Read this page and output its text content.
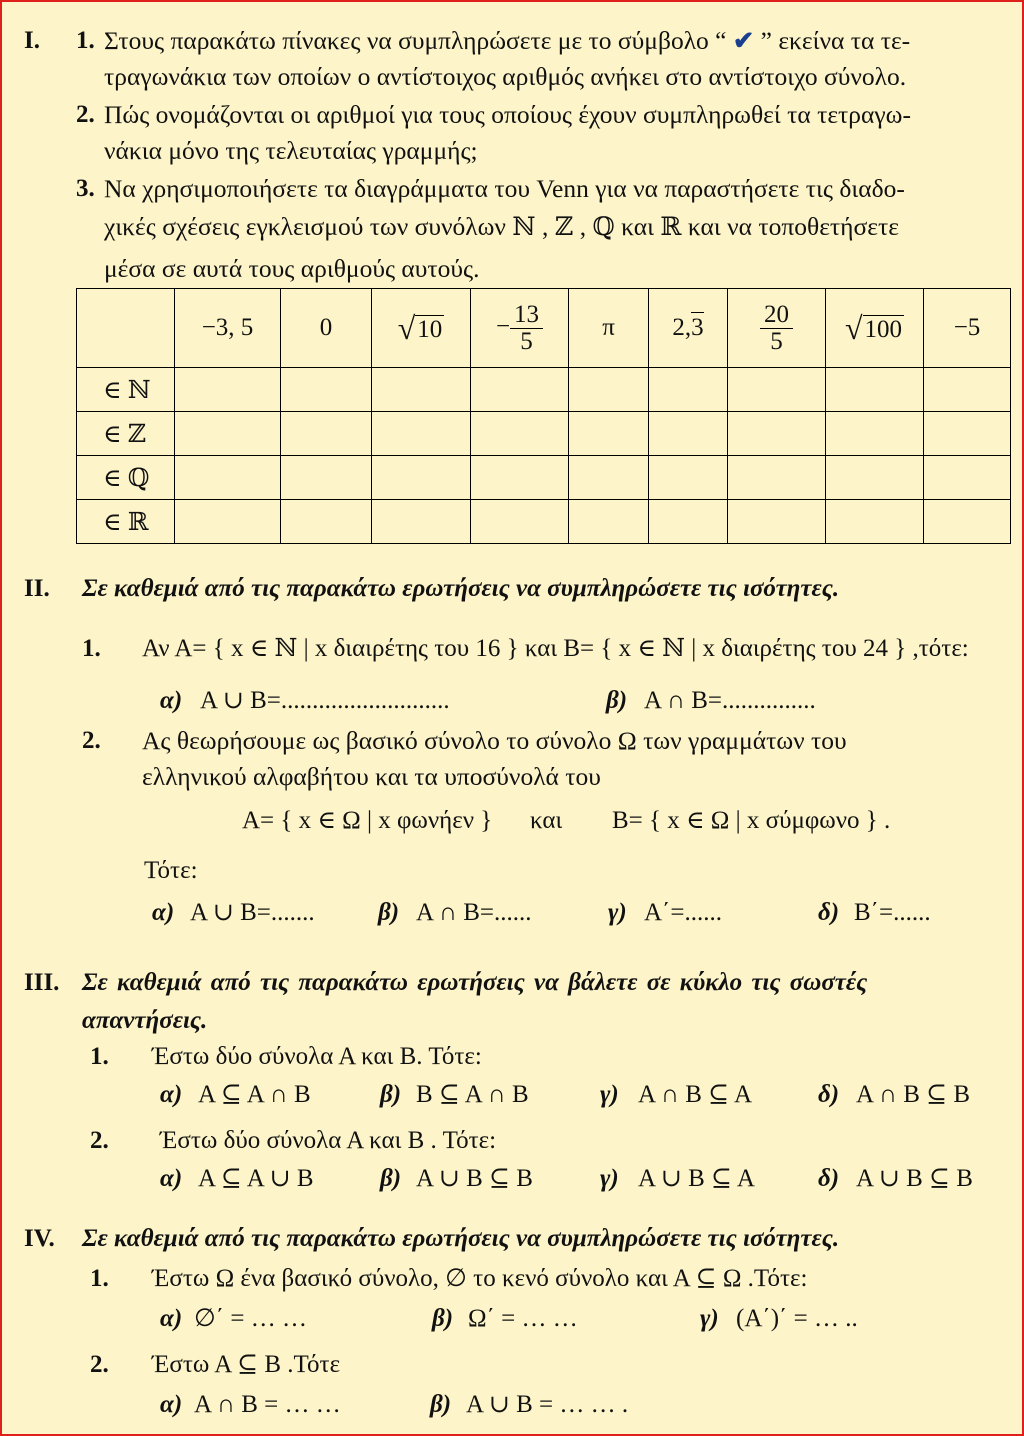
I. 1. Στους παρακάτω πίνακες να συμπληρώσετε με το σύμβολο “ ✔ ” εκείνα τα τε-
τραγωνάκια των οποίων ο αντίστοιχος αριθμός ανήκει στο αντίστοιχο σύνολο.
2. Πώς ονομάζονται οι αριθμοί για τους οποίους έχουν συμπληρωθεί τα τετραγω-
νάκια μόνο της τελευταίας γραμμής;
3. Να χρησιμοποιήσετε τα διαγράμματα του Venn για να παραστήσετε τις διαδο-
χικές σχέσεις εγκλεισμού των συνόλων ℕ , ℤ , ℚ και ℝ και να τοποθετήσετε
μέσα σε αυτά τους αριθμούς αυτούς.
	−3, 5	0	√10	− $\frac{13}{5}$	π	2,3	$\frac{20}{5}$	√100	−5
∈ ℕ									
∈ ℤ									
∈ ℚ									
∈ ℝ									
II. Σε καθεμιά από τις παρακάτω ερωτήσεις να συμπληρώσετε τις ισότητες.
1. Αν Α= { x ∈ ℕ | x διαιρέτης του 16 } και Β= { x ∈ ℕ | x διαιρέτης του 24 } ,τότε:
α) Α ∪ Β=...........................	β) Α ∩ Β=...............
2. Ας θεωρήσουμε ως βασικό σύνολο το σύνολο Ω των γραμμάτων του
ελληνικού αλφαβήτου και τα υποσύνολά του
Α= { x ∈ Ω | x φωνήεν } και Β= { x ∈ Ω | x σύμφωνο } .
Τότε:
α) Α ∪ Β=.......	β) Α ∩ Β=......	γ) Α΄=......	δ) Β΄=......
III. Σε καθεμιά από τις παρακάτω ερωτήσεις να βάλετε σε κύκλο τις σωστές
απαντήσεις.
1. Έστω δύο σύνολα Α και Β. Τότε:
α) Α ⊆ Α ∩ Β	β) Β ⊆ Α ∩ Β	γ) Α ∩ Β ⊆ Α	δ) Α ∩ Β ⊆ Β
2. Έστω δύο σύνολα Α και Β . Τότε:
α) Α ⊆ Α ∪ Β	β) Α ∪ Β ⊆ Β	γ) Α ∪ Β ⊆ Α	δ) Α ∪ Β ⊆ Β
IV. Σε καθεμιά από τις παρακάτω ερωτήσεις να συμπληρώσετε τις ισότητες.
1. Έστω Ω ένα βασικό σύνολο, ∅ το κενό σύνολο και Α ⊆ Ω .Τότε:
α) ∅΄ = … …	β) Ω΄ = … …	γ) (Α΄)΄ = … ..
2. Έστω Α ⊆ Β .Τότε
α) Α ∩ Β = … …	β) Α ∪ Β = … … .
